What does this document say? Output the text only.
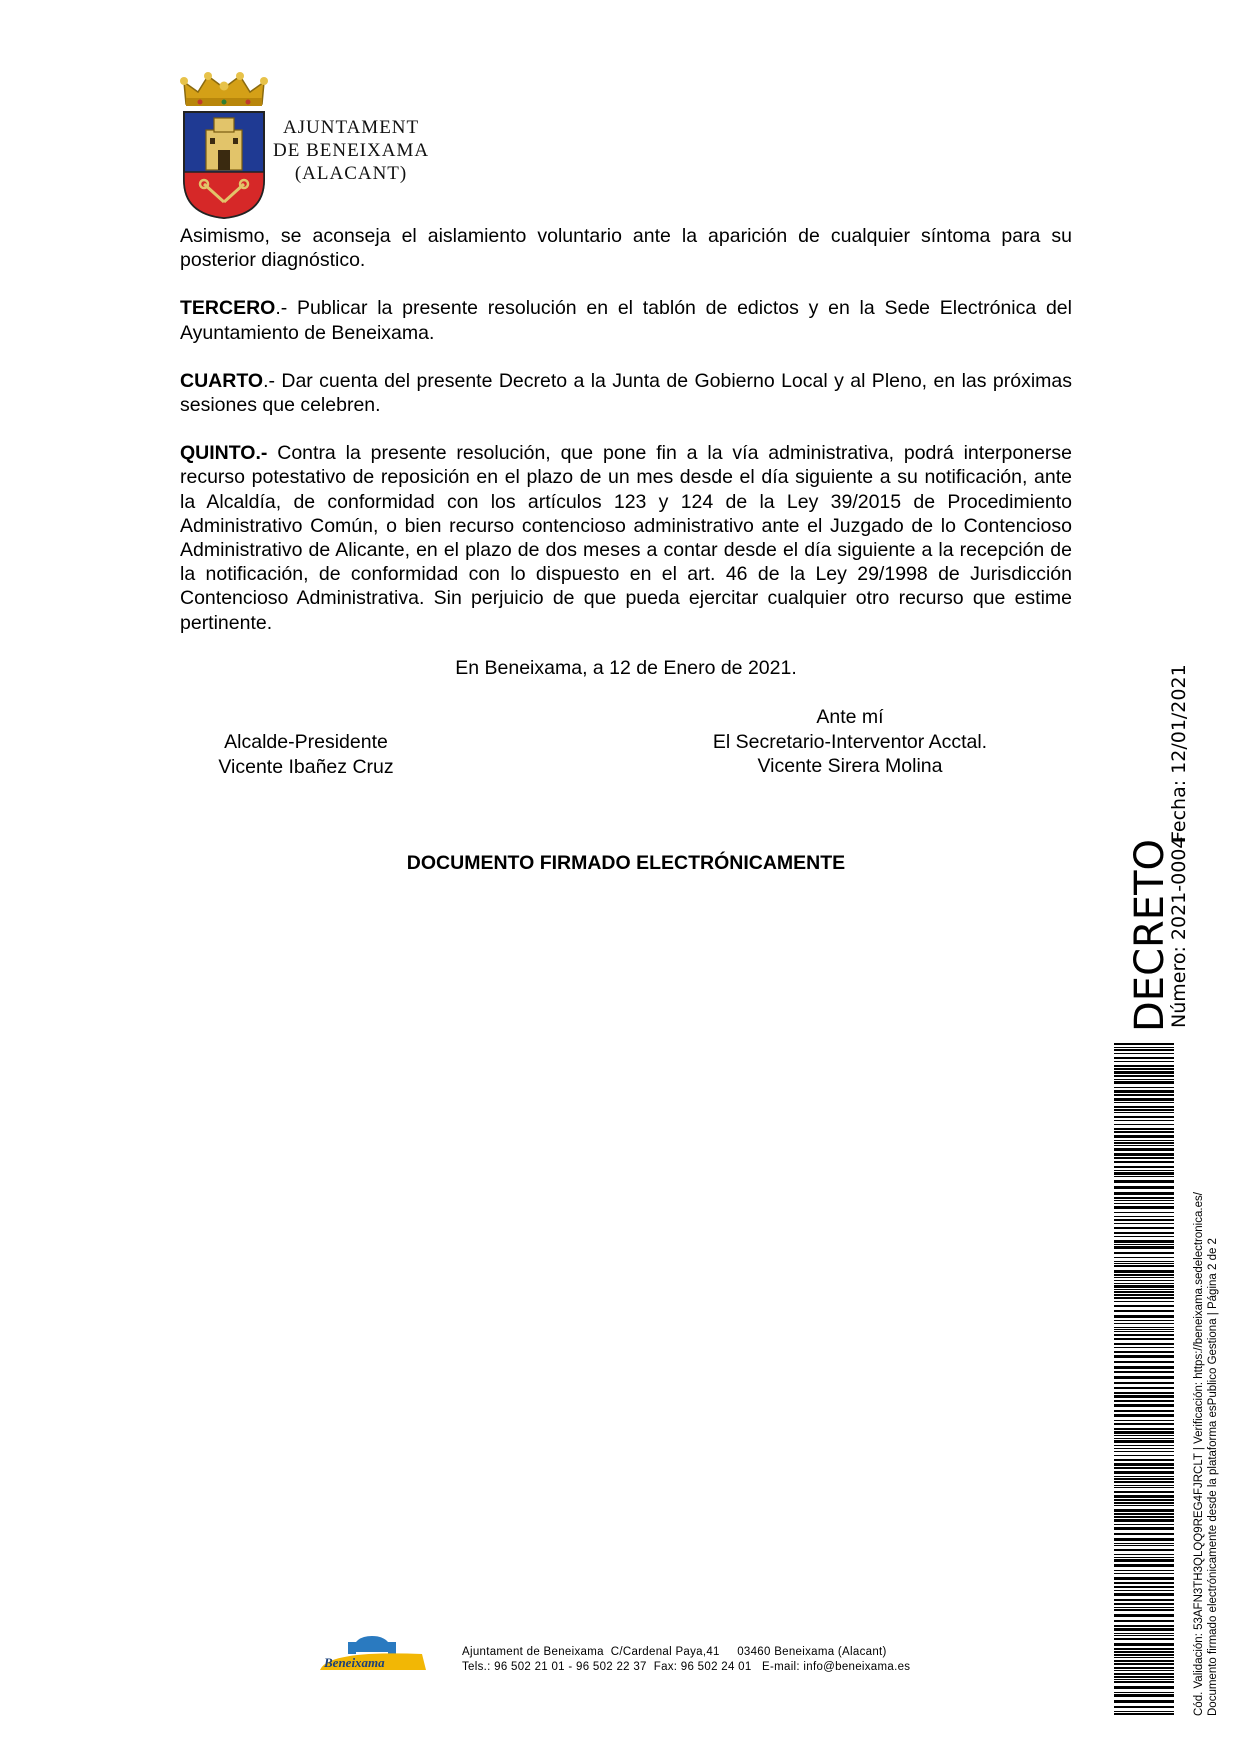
AJUNTAMENT
DE BENEIXAMA
(ALACANT)

Asimismo, se aconseja el aislamiento voluntario ante la aparición de cualquier síntoma para su posterior diagnóstico.

TERCERO.- Publicar la presente resolución en el tablón de edictos y en la Sede Electrónica del Ayuntamiento de Beneixama.

CUARTO.- Dar cuenta del presente Decreto a la Junta de Gobierno Local y al Pleno, en las próximas sesiones que celebren.

QUINTO.- Contra la presente resolución, que pone fin a la vía administrativa, podrá interponerse recurso potestativo de reposición en el plazo de un mes desde el día siguiente a su notificación, ante la Alcaldía, de conformidad con los artículos 123 y 124 de la Ley 39/2015 de Procedimiento Administrativo Común, o bien recurso contencioso administrativo ante el Juzgado de lo Contencioso Administrativo de Alicante, en el plazo de dos meses a contar desde el día siguiente a la recepción de la notificación, de conformidad con lo dispuesto en el art. 46 de la Ley 29/1998 de Jurisdicción Contencioso Administrativa. Sin perjuicio de que pueda ejercitar cualquier otro recurso que estime pertinente.

En Beneixama, a 12 de Enero de 2021.
Alcalde-Presidente
Vicente Ibañez Cruz
Ante mí
El Secretario-Interventor Acctal.
Vicente Sirera Molina
DOCUMENTO FIRMADO ELECTRÓNICAMENTE	DECRETO
Número: 2021-0004
Fecha: 12/01/2021
Cód. Validación: 53AFN3TH3QLQQ9REG4FJRCLT | Verificación: https://beneixama.sedelectronica.es/ Documento firmado electrónicamente desde la plataforma esPublico Gestiona | Página 2 de 2
Beneixama
Ajuntament de Beneixama  C/Cardenal Paya,41     03460 Beneixama (Alacant)
Tels.: 96 502 21 01 - 96 502 22 37  Fax: 96 502 24 01   E-mail: info@beneixama.es
